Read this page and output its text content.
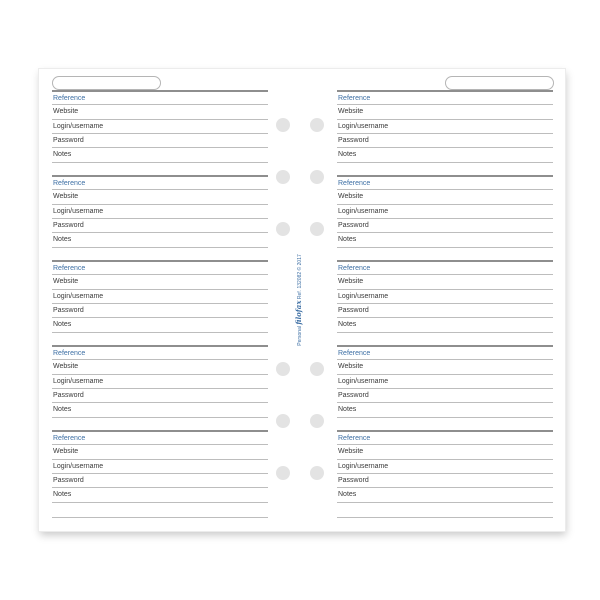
Reference
Website
Login/username
Password
Notes
Reference
Website
Login/username
Password
Notes
Reference
Website
Login/username
Password
Notes
Reference
Website
Login/username
Password
Notes
Reference
Website
Login/username
Password
Notes
Reference
Website
Login/username
Password
Notes
Reference
Website
Login/username
Password
Notes
Reference
Website
Login/username
Password
Notes
Reference
Website
Login/username
Password
Notes
Reference
Website
Login/username
Password
Notes
Personal filofax Ref. 132082 © 2017
